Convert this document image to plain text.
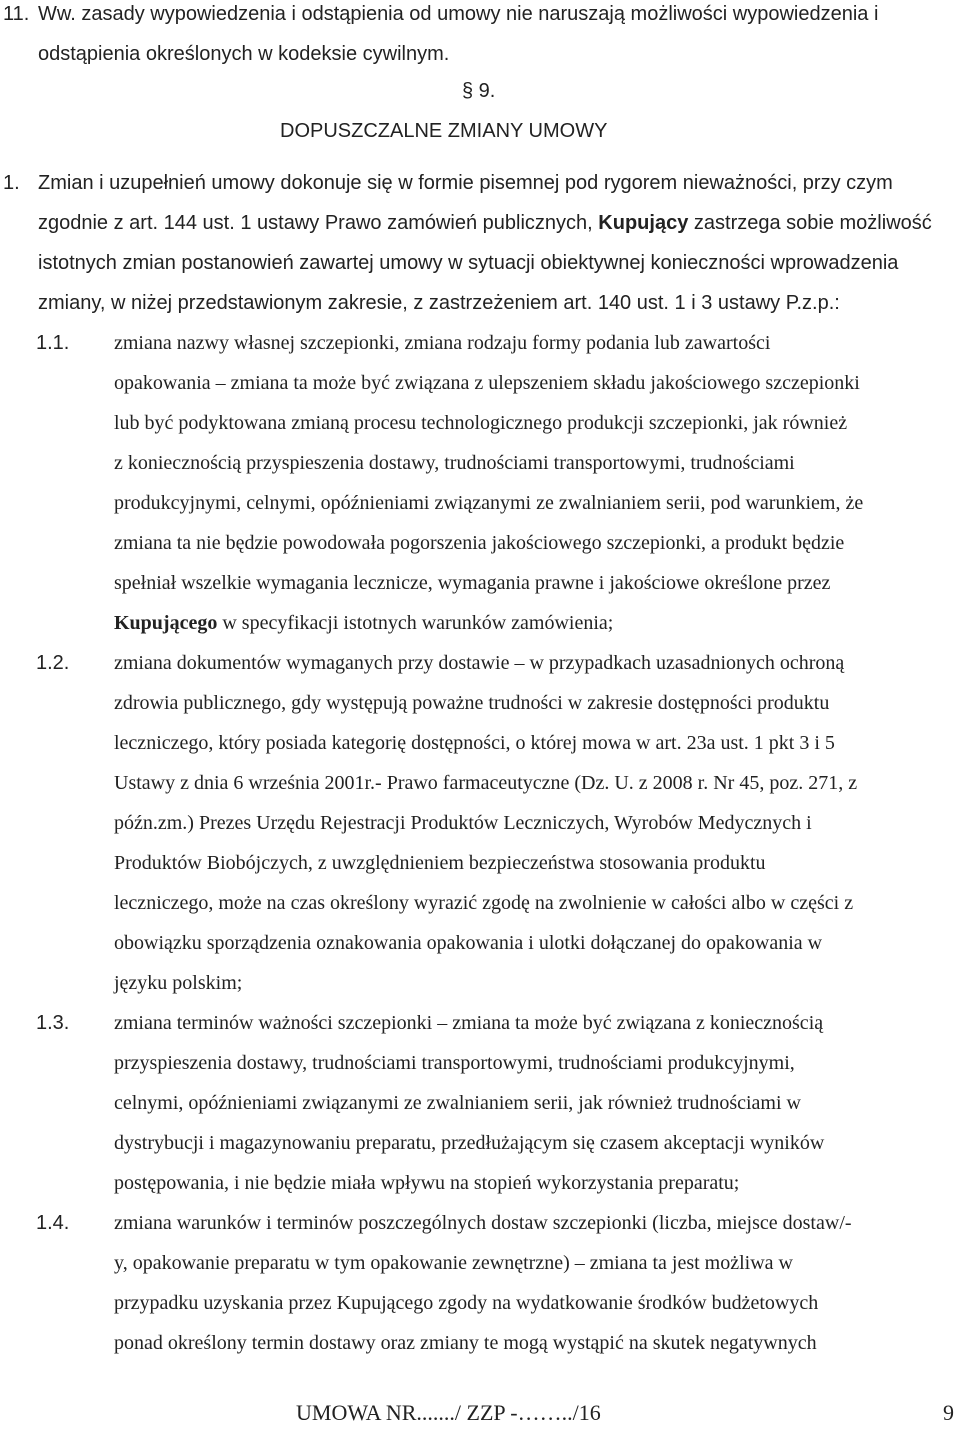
11. Ww. zasady wypowiedzenia i odstąpienia od umowy nie naruszają możliwości wypowiedzenia i
odstąpienia określonych w kodeksie cywilnym.
§ 9.
DOPUSZCZALNE ZMIANY UMOWY
1. Zmian i uzupełnień umowy dokonuje się w formie pisemnej pod rygorem nieważności, przy czym
zgodnie z art. 144 ust. 1 ustawy Prawo zamówień publicznych, Kupujący zastrzega sobie możliwość
istotnych zmian postanowień zawartej umowy w sytuacji obiektywnej konieczności wprowadzenia
zmiany, w niżej przedstawionym zakresie, z zastrzeżeniem art. 140 ust. 1 i 3 ustawy P.z.p.:
1.1. zmiana nazwy własnej szczepionki, zmiana rodzaju formy podania lub zawartości
opakowania – zmiana ta może być związana z ulepszeniem składu jakościowego szczepionki
lub być podyktowana zmianą procesu technologicznego produkcji szczepionki, jak również
z koniecznością przyspieszenia dostawy, trudnościami transportowymi, trudnościami
produkcyjnymi, celnymi, opóźnieniami związanymi ze zwalnianiem serii, pod warunkiem, że
zmiana ta nie będzie powodowała pogorszenia jakościowego szczepionki, a produkt będzie
spełniał wszelkie wymagania lecznicze, wymagania prawne i jakościowe określone przez
Kupującego w specyfikacji istotnych warunków zamówienia;
1.2. zmiana dokumentów wymaganych przy dostawie – w przypadkach uzasadnionych ochroną
zdrowia publicznego, gdy występują poważne trudności w zakresie dostępności produktu
leczniczego, który posiada kategorię dostępności, o której mowa w art. 23a ust. 1 pkt 3 i 5
Ustawy z dnia 6 września 2001r.- Prawo farmaceutyczne (Dz. U. z 2008 r. Nr 45, poz. 271, z
późn.zm.) Prezes Urzędu Rejestracji Produktów Leczniczych, Wyrobów Medycznych i
Produktów Biobójczych, z uwzględnieniem bezpieczeństwa stosowania produktu
leczniczego, może na czas określony wyrazić zgodę na zwolnienie w całości albo w części z
obowiązku sporządzenia oznakowania opakowania i ulotki dołączanej do opakowania w
języku polskim;
1.3. zmiana terminów ważności szczepionki – zmiana ta może być związana z koniecznością
przyspieszenia dostawy, trudnościami transportowymi, trudnościami produkcyjnymi,
celnymi, opóźnieniami związanymi ze zwalnianiem serii, jak również trudnościami w
dystrybucji i magazynowaniu preparatu, przedłużającym się czasem akceptacji wyników
postępowania, i nie będzie miała wpływu na stopień wykorzystania preparatu;
1.4. zmiana warunków i terminów poszczególnych dostaw szczepionki (liczba, miejsce dostaw/-
y, opakowanie preparatu w tym opakowanie zewnętrzne) – zmiana ta jest możliwa w
przypadku uzyskania przez Kupującego zgody na wydatkowanie środków budżetowych
ponad określony termin dostawy oraz zmiany te mogą wystąpić na skutek negatywnych
UMOWA NR......./ ZZP -……../16	9
